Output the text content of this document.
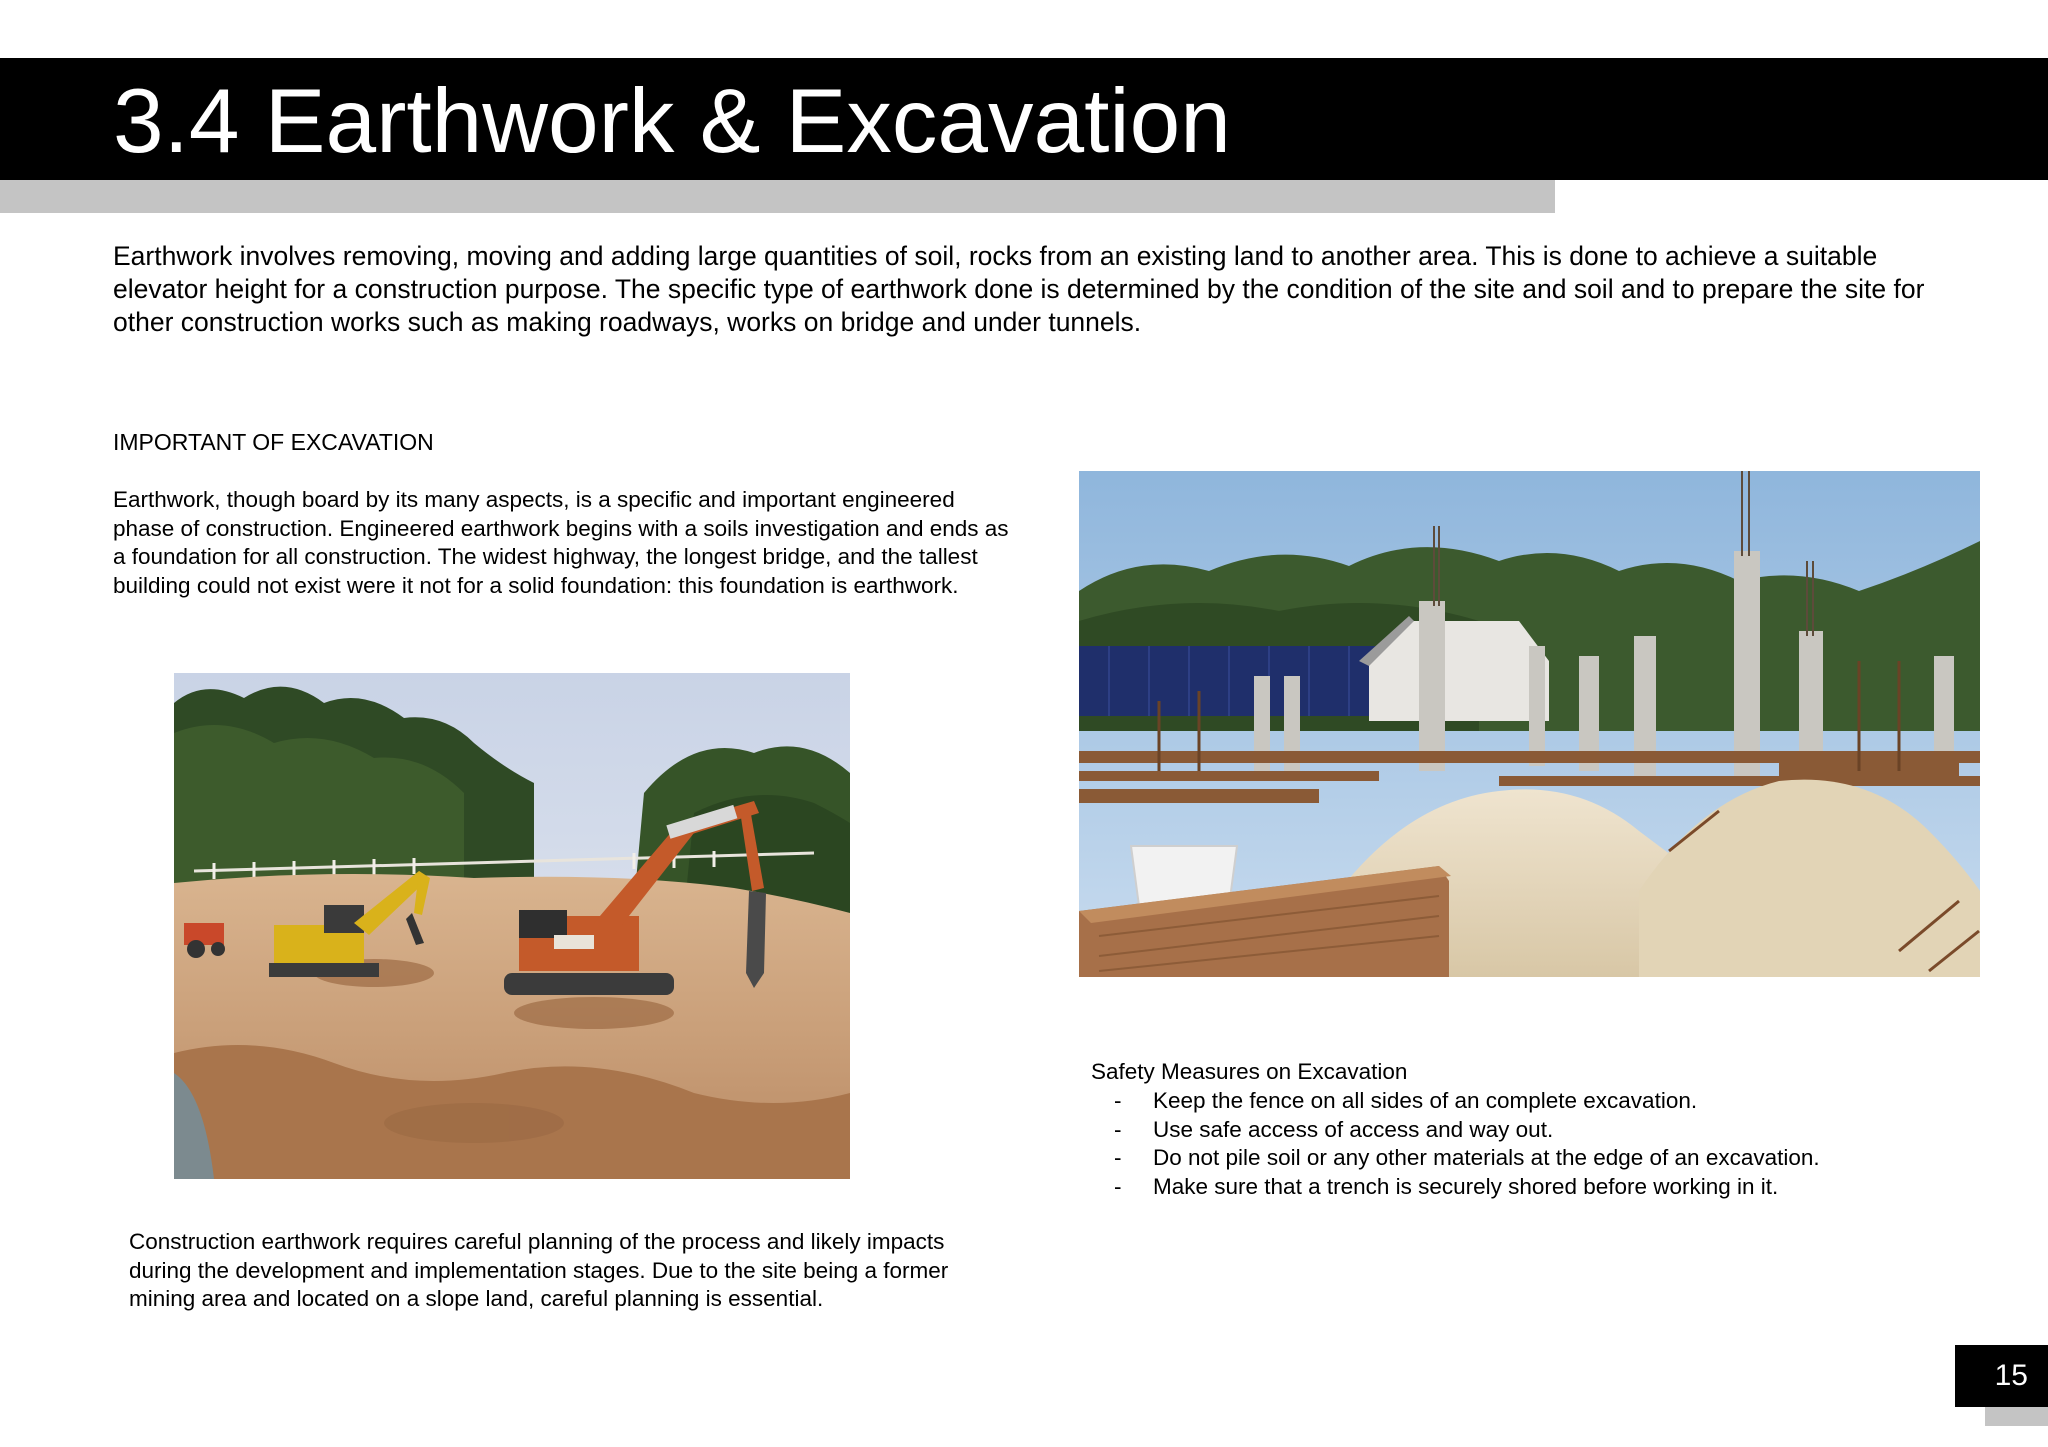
3.4 Earthwork & Excavation

Earthwork involves removing, moving and adding large quantities of soil, rocks from an existing land to another area. This is done to achieve a suitable elevator height for a construction purpose. The specific type of earthwork done is determined by the condition of the site and soil and to prepare the site for other construction works such as making roadways, works on bridge and under tunnels.

IMPORTANT OF EXCAVATION

Earthwork, though board by its many aspects, is a specific and important engineered phase of construction. Engineered earthwork begins with a soils investigation and ends as a foundation for all construction. The widest highway, the longest bridge, and the tallest building could not exist were it not for a solid foundation: this foundation is earthwork.

Construction earthwork requires careful planning of the process and likely impacts during the development and implementation stages. Due to the site being a former mining area and located on a slope land, careful planning is essential.

Safety Measures on Excavation

- Keep the fence on all sides of an complete excavation.
- Use safe access of access and way out.
- Do not pile soil or any other materials at the edge of an excavation.
- Make sure that a trench is securely shored before working in it.
15
